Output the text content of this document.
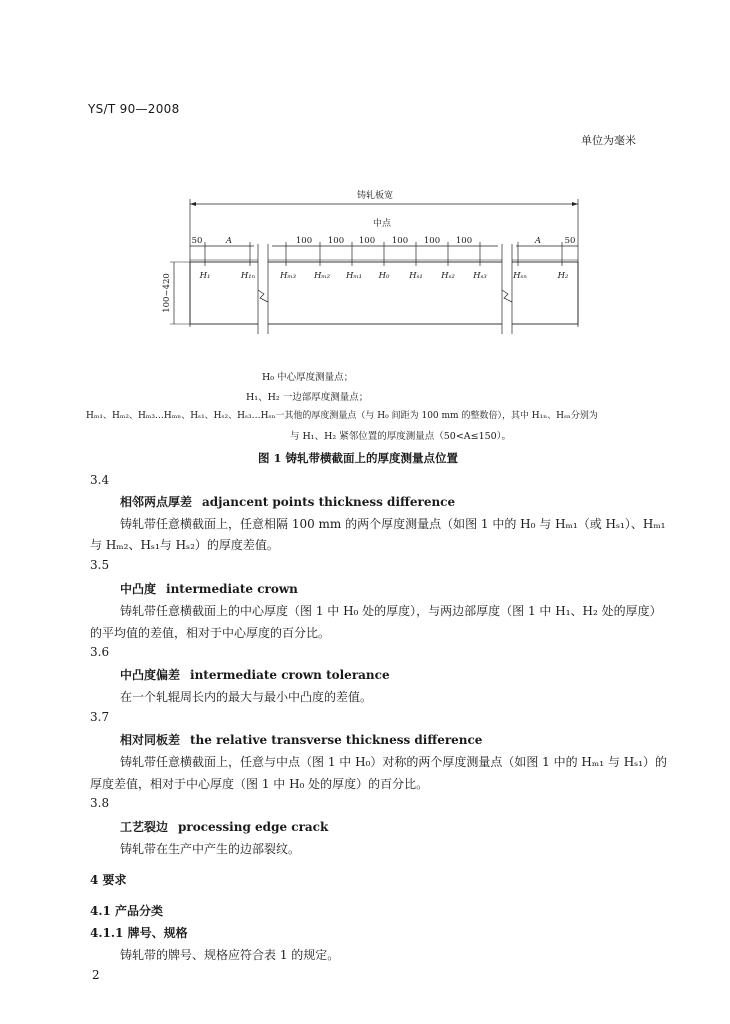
YS/T 90—2008
单位为毫米
铸轧板宽
中点
50	A	100 100 100 100 100 100	A	50
H₁	H₁ₙ	Hₘ₃ Hₘ₂ Hₘ₁ H₀ Hₛ₁ Hₛ₂ Hₛ₃	Hₛₙ	H₂
100~420
H₀ 中心厚度测量点；
H₁、H₂ 一边部厚度测量点；
Hₘ₁、Hₘ₂、Hₘ₃…Hₘₙ、Hₛ₁、Hₛ₂、Hₛ₃…Hₛₙ一其他的厚度测量点（与 H₀ 间距为 100 mm 的整数倍），其中 H₁ₙ、Hₛₙ分别为
与 H₁、H₂ 紧邻位置的厚度测量点（50<A≤150）。
图 1 铸轧带横截面上的厚度测量点位置
3.4
相邻两点厚差 adjancent points thickness difference
铸轧带任意横截面上，任意相隔 100 mm 的两个厚度测量点（如图 1 中的 H₀ 与 Hₘ₁（或 Hₛ₁）、Hₘ₁
与 Hₘ₂、Hₛ₁与 Hₛ₂）的厚度差值。
3.5
中凸度 intermediate crown
铸轧带任意横截面上的中心厚度（图 1 中 H₀ 处的厚度），与两边部厚度（图 1 中 H₁、H₂ 处的厚度）
的平均值的差值，相对于中心厚度的百分比。
3.6
中凸度偏差 intermediate crown tolerance
在一个轧辊周长内的最大与最小中凸度的差值。
3.7
相对同板差 the relative transverse thickness difference
铸轧带任意横截面上，任意与中点（图 1 中 H₀）对称的两个厚度测量点（如图 1 中的 Hₘ₁ 与 Hₛ₁）的
厚度差值，相对于中心厚度（图 1 中 H₀ 处的厚度）的百分比。
3.8
工艺裂边 processing edge crack
铸轧带在生产中产生的边部裂纹。
4 要求
4.1 产品分类
4.1.1 牌号、规格
铸轧带的牌号、规格应符合表 1 的规定。
2
